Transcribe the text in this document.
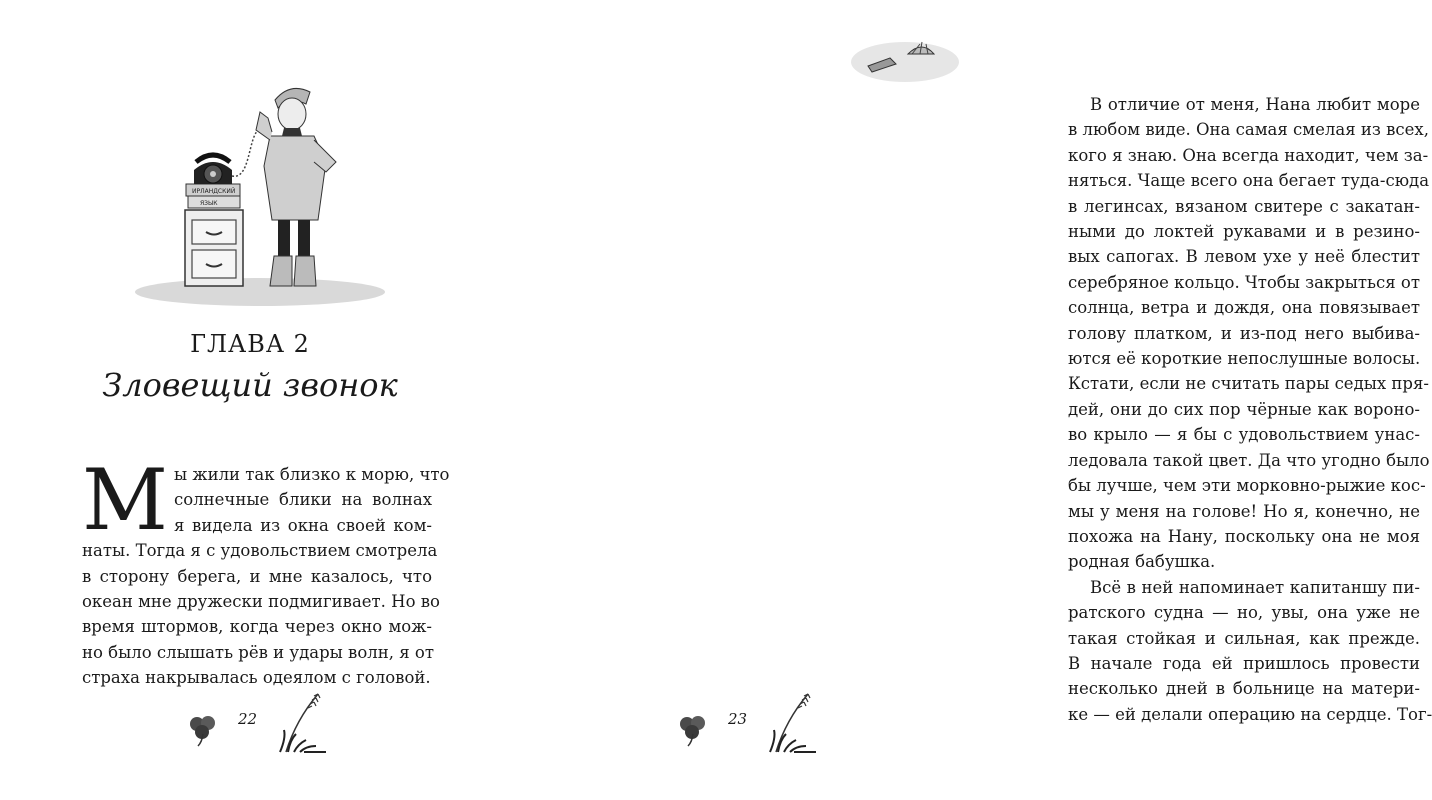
ИРЛАНДСКИЙ
ЯЗЫК
ГЛАВА 2
Зловещий звонок
М ы жили так близко к морю, что
солнечные блики на волнах
я видела из окна своей ком-
наты. Тогда я с удовольствием смотрела
в сторону берега, и мне казалось, что
океан мне дружески подмигивает. Но во
время штормов, когда через окно мож-
но было слышать рёв и удары волн, я от
страха накрывалась одеялом с головой.
22
В отличие от меня, Нана любит море
в любом виде. Она самая смелая из всех,
кого я знаю. Она всегда находит, чем за-
няться. Чаще всего она бегает туда-сюда
в легинсах, вязаном свитере с закатан-
ными до локтей рукавами и в резино-
вых сапогах. В левом ухе у неё блестит
серебряное кольцо. Чтобы закрыться от
солнца, ветра и дождя, она повязывает
голову платком, и из-под него выбива-
ются её короткие непослушные волосы.
Кстати, если не считать пары седых пря-
дей, они до сих пор чёрные как вороно-
во крыло — я бы с удовольствием унас-
ледовала такой цвет. Да что угодно было
бы лучше, чем эти морковно-рыжие кос-
мы у меня на голове! Но я, конечно, не
похожа на Нану, поскольку она не моя
родная бабушка.
Всё в ней напоминает капитаншу пи-
ратского судна — но, увы, она уже не
такая стойкая и сильная, как прежде.
В начале года ей пришлось провести
несколько дней в больнице на матери-
ке — ей делали операцию на сердце. Тог-
23
